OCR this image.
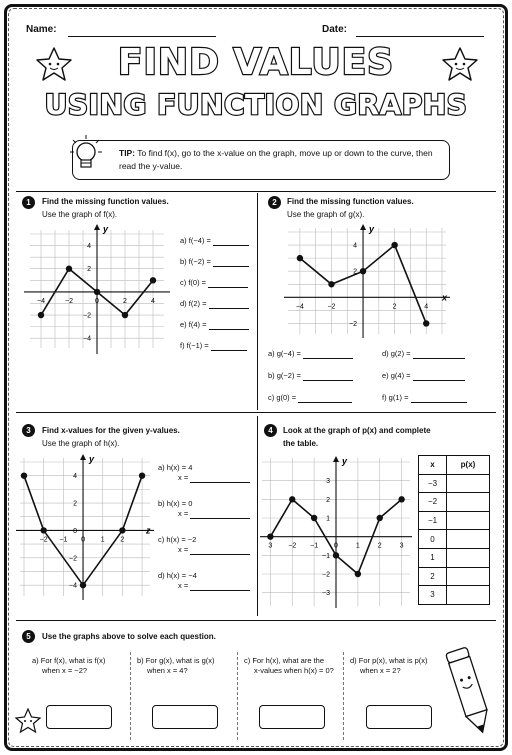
Name:	Date:
FIND VALUES
USING FUNCTION GRAPHS
TIP: To find f(x), go to the x-value on the graph, move up or down to the curve, then read the y-value.
1	Find the missing function values.
Use the graph of f(x).
y
−4	−2	0	2	4
4
2
−2
−4
a) f(−4) =
b) f(−2) =
c) f(0) =
d) f(2) =
e) f(4) =
f) f(−1) =
2	Find the missing function values.
Use the graph of g(x).
y
x
−4	−2	2	4
4
2
−2
a) g(−4) =	d) g(2) =
b) g(−2) =	e) g(4) =
c) g(0) =	f) g(1) =
3	Find x-values for the given y-values.
Use the graph of h(x).
y
z
−2 −1 0 1 2
4
2
0
−2
−4
a) h(x) = 4
x =
b) h(x) = 0
x =
c) h(x) = −2
x =
d) h(x) = −4
x =
4	Look at the graph of p(x) and complete
the table.
y
3 −2 −1 0	1	2	3
3
2
1
−1
−2
−3
x	p(x)
−3	
−2	
−1	
0	
1	
2	
3	
5	Use the graphs above to solve each question.
a) For f(x), what is f(x)
when x = −2?
b) For g(x), what is g(x)
when x = 4?
c) For h(x), what are the
x-values when h(x) = 0?
d) For p(x), what is p(x)
when x = 2?
